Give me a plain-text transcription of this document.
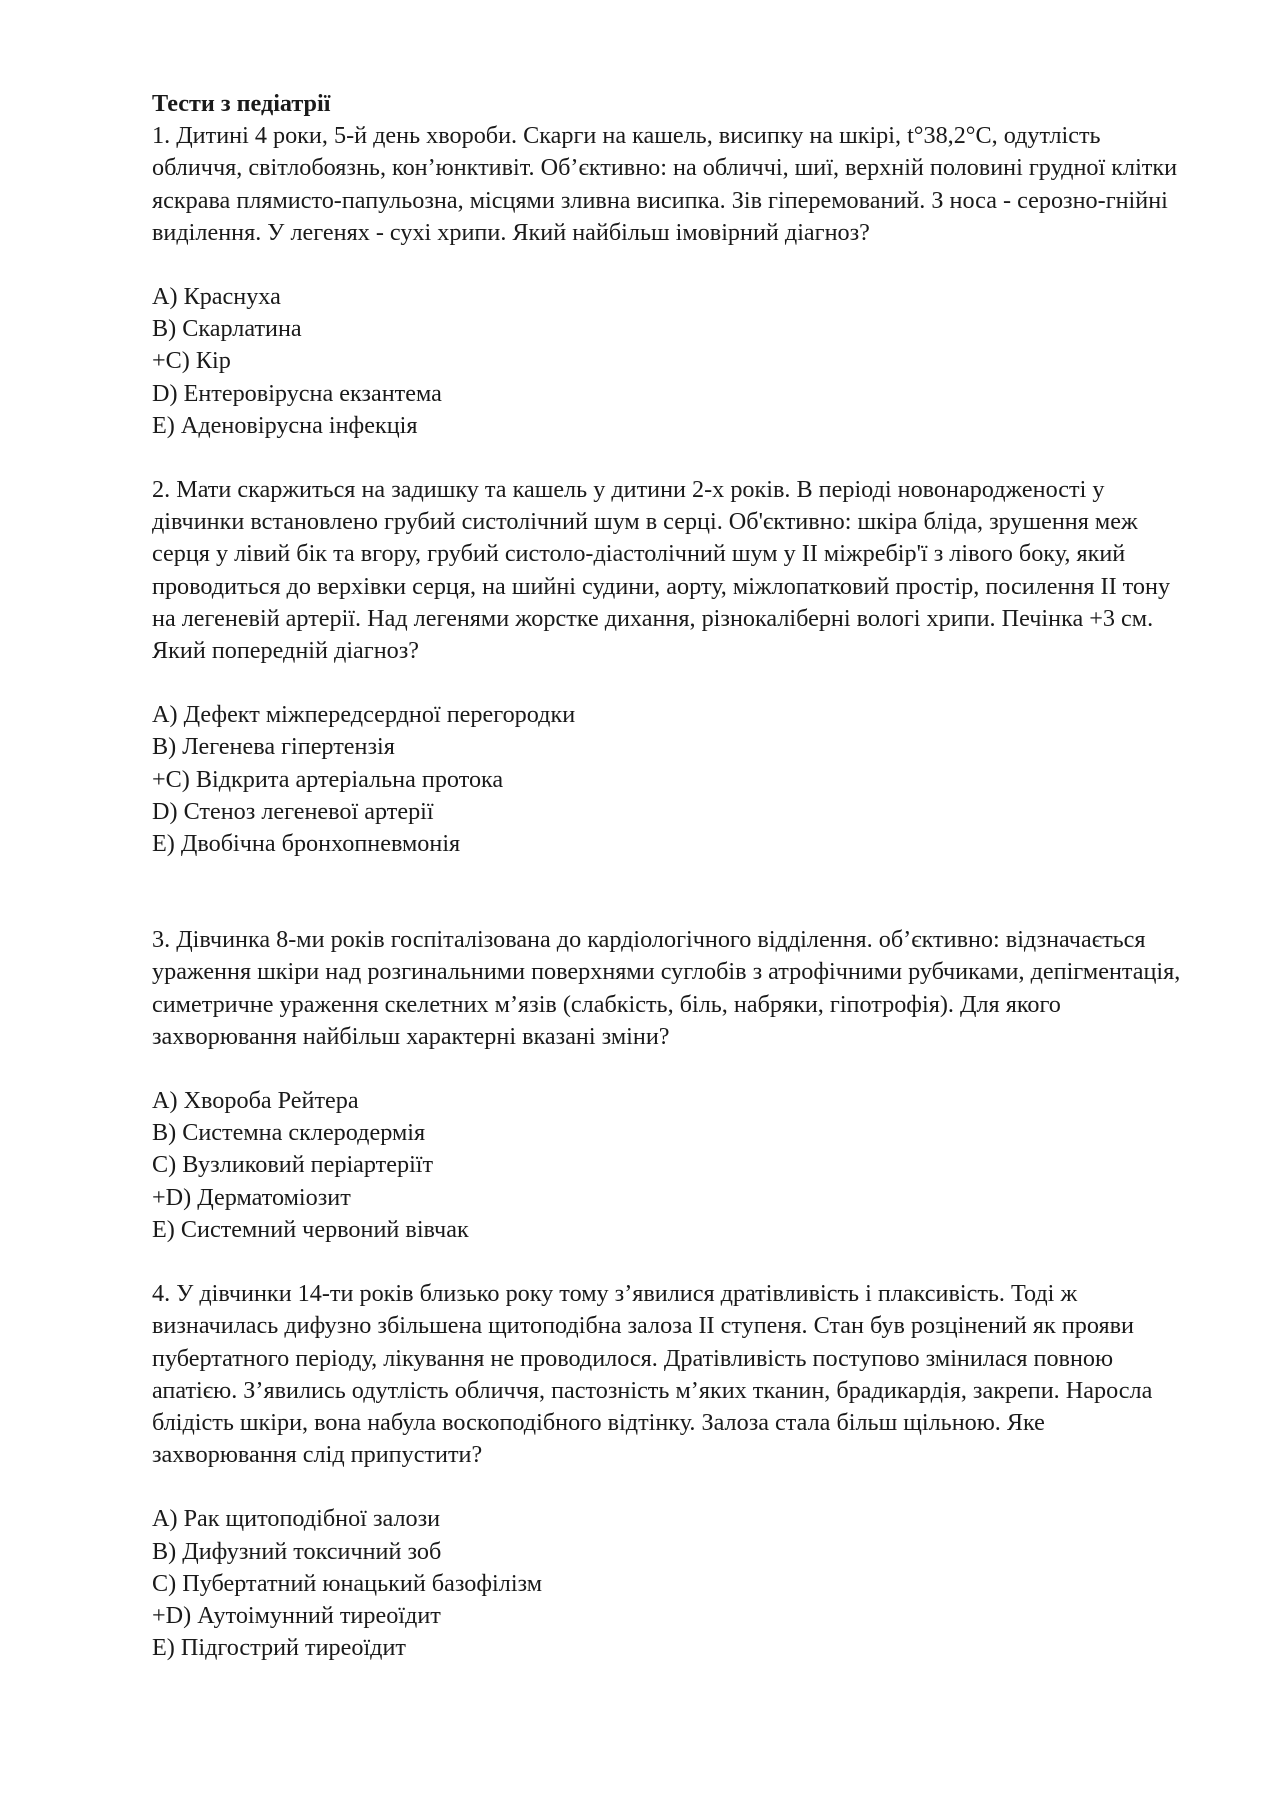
Тести з педіатрії

1. Дитині 4 роки, 5-й день хвороби. Скарги на кашель, висипку на шкірі, t°38,2°С, одутлість обличчя, світлобоязнь, кон’юнктивіт. Об’єктивно: на обличчі, шиї, верхній половині грудної клітки яскрава плямисто-папульозна, місцями зливна висипка. Зів гіперемований. З носа - серозно-гнійні виділення. У легенях - сухі хрипи. Який найбільш імовірний діагноз?

A) Краснуха
B) Скарлатина
+C) Кір
D) Ентеровірусна екзантема
E) Аденовірусна інфекція

2. Мати скаржиться на задишку та кашель у дитини 2-х років. В періоді новонародженості у дівчинки встановлено грубий систолічний шум в серці. Об'єктивно: шкіра бліда, зрушення меж серця у лівий бік та вгору, грубий систоло-діастолічний шум у II міжребір'ї з лівого боку, який проводиться до верхівки серця, на шийні судини, аорту, міжлопатковий простір, посилення II тону на легеневій артерії. Над легенями жорстке дихання, різнокаліберні вологі хрипи. Печінка +3 см. Який попередній діагноз?

A) Дефект міжпередсердної перегородки
B) Легенева гіпертензія
+C) Відкрита артеріальна протока
D) Стеноз легеневої артерії
E) Двобічна бронхопневмонія

3. Дівчинка 8-ми років госпіталізована до кардіологічного відділення. об’єктивно: відзначається ураження шкіри над розгинальними поверхнями суглобів з атрофічними рубчиками, депігментація, симетричне ураження скелетних м’язів (слабкість, біль, набряки, гіпотрофія). Для якого захворювання найбільш характерні вказані зміни?

A) Хвороба Рейтера
B) Системна склеродермія
C) Вузликовий періартеріїт
+D) Дерматоміозит
E) Системний червоний вівчак

4. У дівчинки 14-ти років близько року тому з’явилися дратівливість і плаксивість. Тоді ж визначилась дифузно збільшена щитоподібна залоза II ступеня. Стан був розцінений як прояви пубертатного періоду, лікування не проводилося. Дратівливість поступово змінилася повною апатією. З’явились одутлість обличчя, пастозність м’яких тканин, брадикардія, закрепи. Наросла блідість шкіри, вона набула воскоподібного відтінку. Залоза стала більш щільною. Яке захворювання слід припустити?

A) Рак щитоподібної залози
B) Дифузний токсичний зоб
C) Пубертатний юнацький базофілізм
+D) Аутоімунний тиреоїдит
E) Підгострий тиреоїдит
